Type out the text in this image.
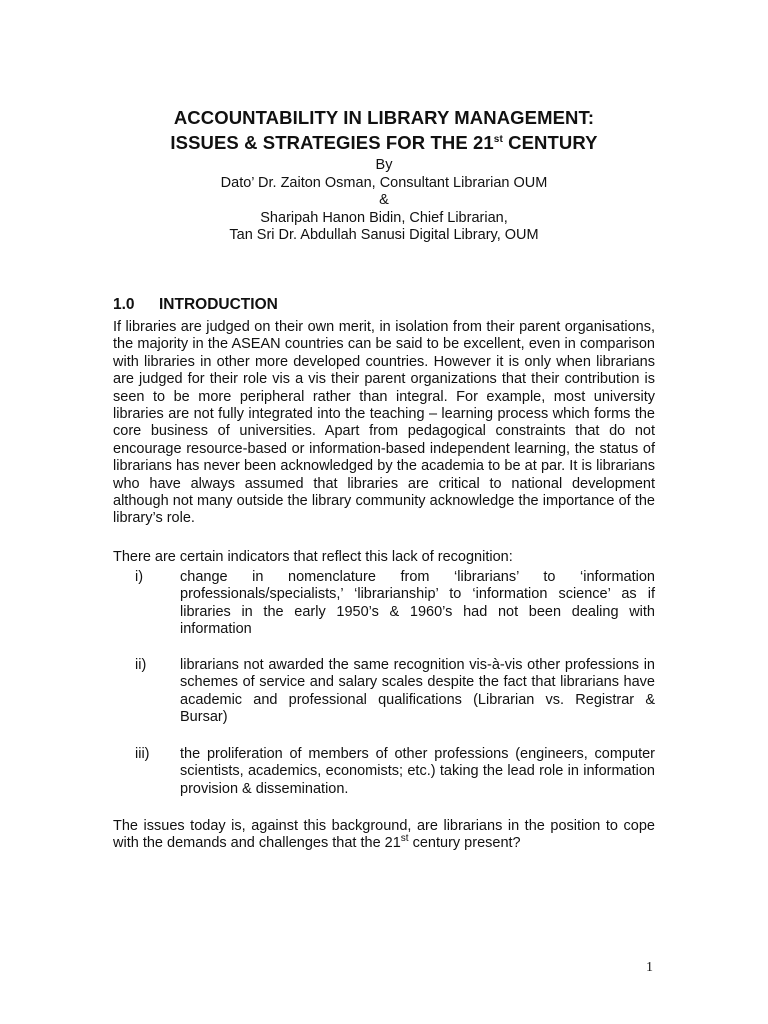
ACCOUNTABILITY IN LIBRARY MANAGEMENT:
ISSUES & STRATEGIES FOR THE 21st CENTURY
By
Dato’ Dr. Zaiton Osman, Consultant Librarian OUM
&
Sharipah Hanon Bidin, Chief Librarian,
Tan Sri Dr. Abdullah Sanusi Digital Library, OUM
1.0 INTRODUCTION
If libraries are judged on their own merit, in isolation from their parent organisations, the majority in the ASEAN countries can be said to be excellent, even in comparison with libraries in other more developed countries. However it is only when librarians are judged for their role vis a vis their parent organizations that their contribution is seen to be more peripheral rather than integral. For example, most university libraries are not fully integrated into the teaching – learning process which forms the core business of universities. Apart from pedagogical constraints that do not encourage resource-based or information-based independent learning, the status of librarians has never been acknowledged by the academia to be at par. It is librarians who have always assumed that libraries are critical to national development although not many outside the library community acknowledge the importance of the library’s role.
There are certain indicators that reflect this lack of recognition:
i)	change in nomenclature from ‘librarians’ to ‘information professionals/specialists,’ ‘librarianship’ to ‘information science’ as if libraries in the early 1950’s & 1960’s had not been dealing with information
ii)	librarians not awarded the same recognition vis-à-vis other professions in schemes of service and salary scales despite the fact that librarians have academic and professional qualifications (Librarian vs. Registrar & Bursar)
iii)	the proliferation of members of other professions (engineers, computer scientists, academics, economists; etc.) taking the lead role in information provision & dissemination.
The issues today is, against this background, are librarians in the position to cope with the demands and challenges that the 21st century present?
1
